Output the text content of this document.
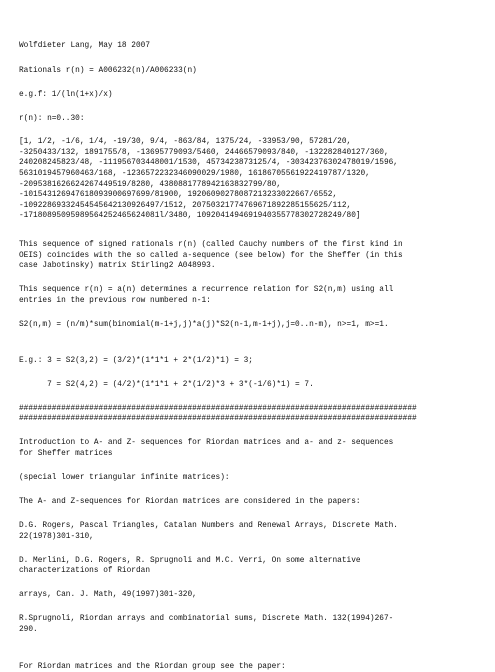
Wolfdieter Lang, May 18 2007

Rationals r(n) = A006232(n)/A006233(n)

e.g.f: 1/(ln(1+x)/x)

r(n): n=0..30:

[1, 1/2, -1/6, 1/4, -19/30, 9/4, -863/84, 1375/24, -33953/90, 57281/20,

-3250433/132, 1891755/8, -13695779093/5460, 24466579093/840, -132282840127/360,

240208245823/48, -111956703448001/1530, 4573423873125/4, -30342376302478019/1596,

5631019457960463/168, -1236572232346090029/1980, 16186705561922419787/1320,

-2095381626624267449519/8280, 4380881778942163832799/80,

-101543126947618093900697699/81900, 19206090278087213233022667/6552,

-10922869332454545642130926497/1512, 20750321774769671892285155625/112,

-17180895095989564252465624081l/3480, 1092041494691940355778302728249/80]

This sequence of signed rationals r(n) (called Cauchy numbers of the first kind in

OEIS) coincides with the so called a-sequence (see below) for the Sheffer (in this

case Jabotinsky) matrix Stirling2 A048993.

This sequence r(n) = a(n) determines a recurrence relation for S2(n,m) using all

entries in the previous row numbered n-1:

S2(n,m) = (n/m)*sum(binomial(m-1+j,j)*a(j)*S2(n-1,m-1+j),j=0..n-m), n>=1, m>=1.

E.g.: 3 = S2(3,2) = (3/2)*(1*1*1 + 2*(1/2)*1) = 3;

7 = S2(4,2) = (4/2)*(1*1*1 + 2*(1/2)*3 + 3*(-1/6)*1) = 7.

#####################################################################################

#####################################################################################

Introduction to A- and Z- sequences for Riordan matrices and a- and z- sequences

for Sheffer matrices

(special lower triangular infinite matrices):

The A- and Z-sequences for Riordan matrices are considered in the papers:

D.G. Rogers, Pascal Triangles, Catalan Numbers and Renewal Arrays, Discrete Math.

22(1978)301-310,

D. Merlini, D.G. Rogers, R. Sprugnoli and M.C. Verri, On some alternative

characterizations of Riordan

arrays, Can. J. Math, 49(1997)301-320,

R.Sprugnoli, Riordan arrays and combinatorial sums, Discrete Math. 132(1994)267-

290.

For Riordan matrices and the Riordan group see the paper:
